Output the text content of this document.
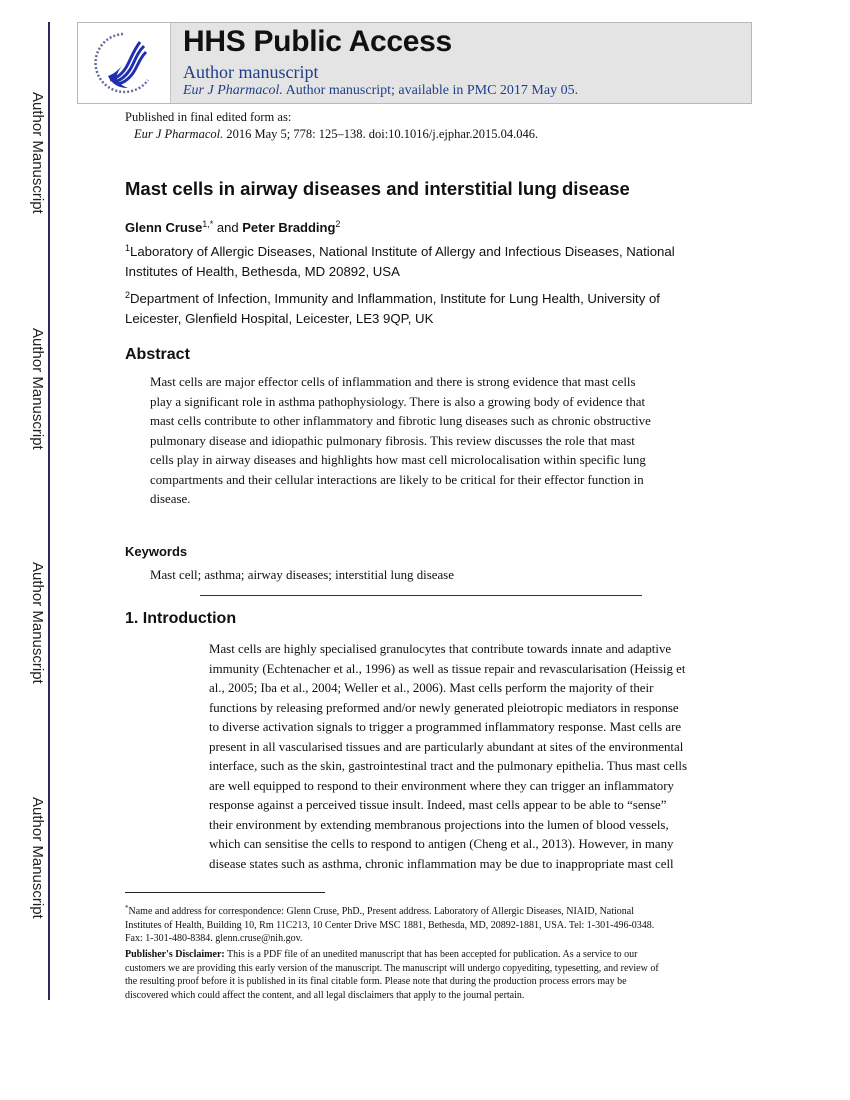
Author Manuscript
Author Manuscript
Author Manuscript
Author Manuscript
HHS Public Access
Author manuscript
Eur J Pharmacol. Author manuscript; available in PMC 2017 May 05.
Published in final edited form as:
Eur J Pharmacol. 2016 May 5; 778: 125–138. doi:10.1016/j.ejphar.2015.04.046.
Mast cells in airway diseases and interstitial lung disease
Glenn Cruse$^{1,*}$ and Peter Bradding$^2$
$^1$Laboratory of Allergic Diseases, National Institute of Allergy and Infectious Diseases, National
Institutes of Health, Bethesda, MD 20892, USA
$^2$Department of Infection, Immunity and Inflammation, Institute for Lung Health, University of
Leicester, Glenfield Hospital, Leicester, LE3 9QP, UK
Abstract
Mast cells are major effector cells of inflammation and there is strong evidence that mast cells
play a significant role in asthma pathophysiology. There is also a growing body of evidence that
mast cells contribute to other inflammatory and fibrotic lung diseases such as chronic obstructive
pulmonary disease and idiopathic pulmonary fibrosis. This review discusses the role that mast
cells play in airway diseases and highlights how mast cell microlocalisation within specific lung
compartments and their cellular interactions are likely to be critical for their effector function in
disease.
Keywords
Mast cell; asthma; airway diseases; interstitial lung disease
1. Introduction
Mast cells are highly specialised granulocytes that contribute towards innate and adaptive
immunity (Echtenacher et al., 1996) as well as tissue repair and revascularisation (Heissig et
al., 2005; Iba et al., 2004; Weller et al., 2006). Mast cells perform the majority of their
functions by releasing preformed and/or newly generated pleiotropic mediators in response
to diverse activation signals to trigger a programmed inflammatory response. Mast cells are
present in all vascularised tissues and are particularly abundant at sites of the environmental
interface, such as the skin, gastrointestinal tract and the pulmonary epithelia. Thus mast cells
are well equipped to respond to their environment where they can trigger an inflammatory
response against a perceived tissue insult. Indeed, mast cells appear to be able to “sense”
their environment by extending membranous projections into the lumen of blood vessels,
which can sensitise the cells to respond to antigen (Cheng et al., 2013). However, in many
disease states such as asthma, chronic inflammation may be due to inappropriate mast cell
*Name and address for correspondence: Glenn Cruse, PhD., Present address. Laboratory of Allergic Diseases, NIAID, National
Institutes of Health, Building 10, Rm 11C213, 10 Center Drive MSC 1881, Bethesda, MD, 20892-1881, USA. Tel: 1-301-496-0348.
Fax: 1-301-480-8384. glenn.cruse@nih.gov.
Publisher's Disclaimer: This is a PDF file of an unedited manuscript that has been accepted for publication. As a service to our
customers we are providing this early version of the manuscript. The manuscript will undergo copyediting, typesetting, and review of
the resulting proof before it is published in its final citable form. Please note that during the production process errors may be
discovered which could affect the content, and all legal disclaimers that apply to the journal pertain.
